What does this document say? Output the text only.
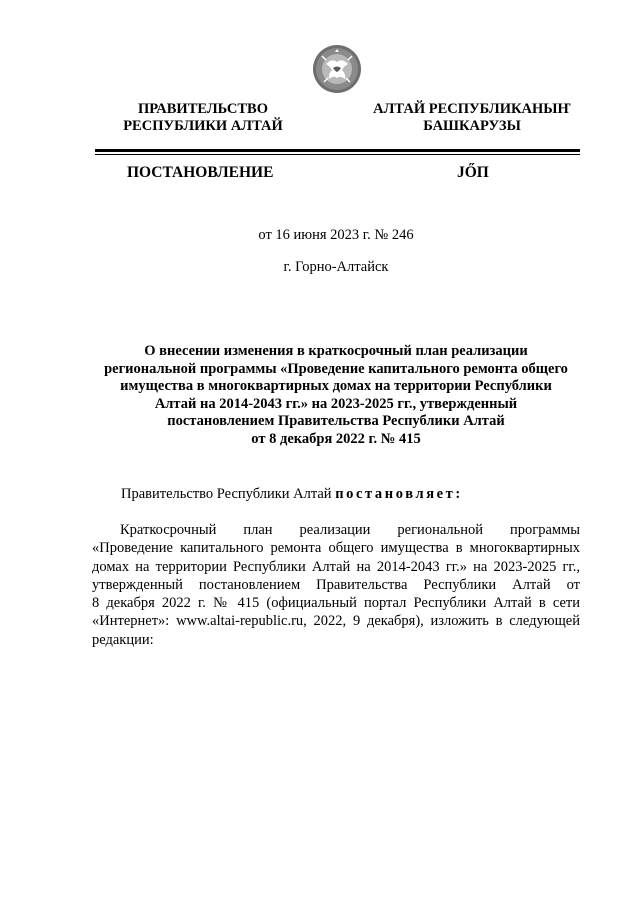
ПРАВИТЕЛЬСТВО
РЕСПУБЛИКИ АЛТАЙ
АЛТАЙ РЕСПУБЛИКАНЫҤ
БАШКАРУЗЫ
ПОСТАНОВЛЕНИЕ	JŐП
от 16 июня 2023 г. № 246
г. Горно-Алтайск
О внесении изменения в краткосрочный план реализации
региональной программы «Проведение капитального ремонта общего
имущества в многоквартирных домах на территории Республики
Алтай на 2014-2043 гг.» на 2023-2025 гг., утвержденный
постановлением Правительства Республики Алтай
от 8 декабря 2022 г. № 415
Правительство Республики Алтай постановляет:
Краткосрочный план реализации региональной программы
«Проведение капитального ремонта общего имущества в многоквартирных
домах на территории Республики Алтай на 2014-2043 гг.» на 2023-2025 гг.,
утвержденный постановлением Правительства Республики Алтай от
8 декабря 2022 г. № 415 (официальный портал Республики Алтай в сети
«Интернет»: www.altai-republic.ru, 2022, 9 декабря), изложить в следующей
редакции:
